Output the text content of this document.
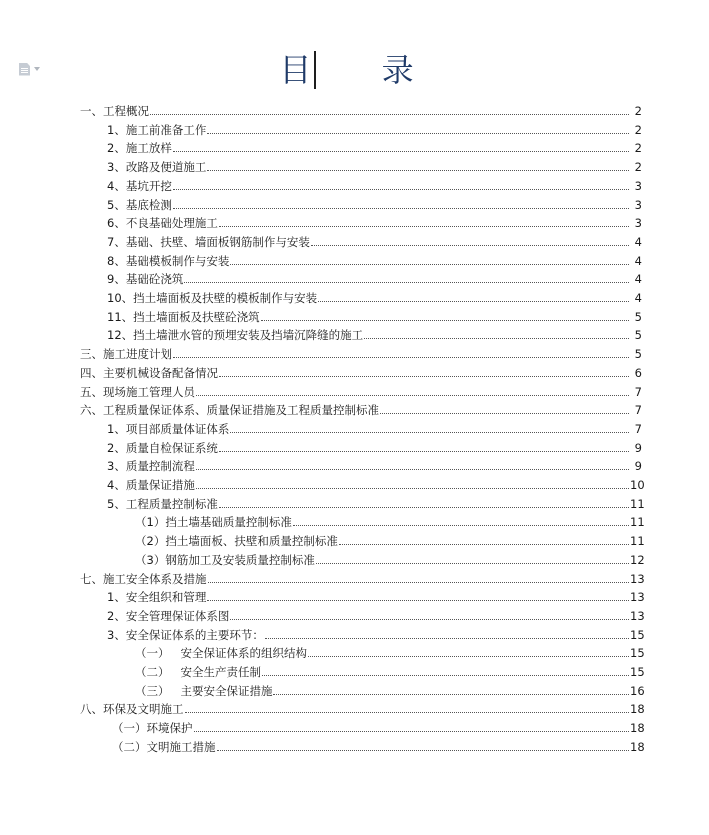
目 录
一、工程概况	2
1、施工前准备工作	2
2、施工放样	2
3、改路及便道施工	2
4、基坑开挖	3
5、基底检测	3
6、不良基础处理施工	3
7、基础、扶壁、墙面板钢筋制作与安装	4
8、基础模板制作与安装	4
9、基础砼浇筑	4
10、挡土墙面板及扶壁的模板制作与安装	4
11、挡土墙面板及扶壁砼浇筑	5
12、挡土墙泄水管的预埋安装及挡墙沉降缝的施工	5
三、施工进度计划	5
四、主要机械设备配备情况	6
五、现场施工管理人员	7
六、工程质量保证体系、质量保证措施及工程质量控制标准	7
1、项目部质量体证体系	7
2、质量自检保证系统	9
3、质量控制流程	9
4、质量保证措施	10
5、工程质量控制标准	11
（1）挡土墙基础质量控制标准	11
（2）挡土墙面板、扶壁和质量控制标准	11
（3）钢筋加工及安装质量控制标准	12
七、施工安全体系及措施	13
1、安全组织和管理	13
2、安全管理保证体系图	13
3、安全保证体系的主要环节：	15
（一）   安全保证体系的组织结构	15
（二）   安全生产责任制	15
（三）   主要安全保证措施	16
八、环保及文明施工	18
（一）环境保护	18
（二）文明施工措施	18
